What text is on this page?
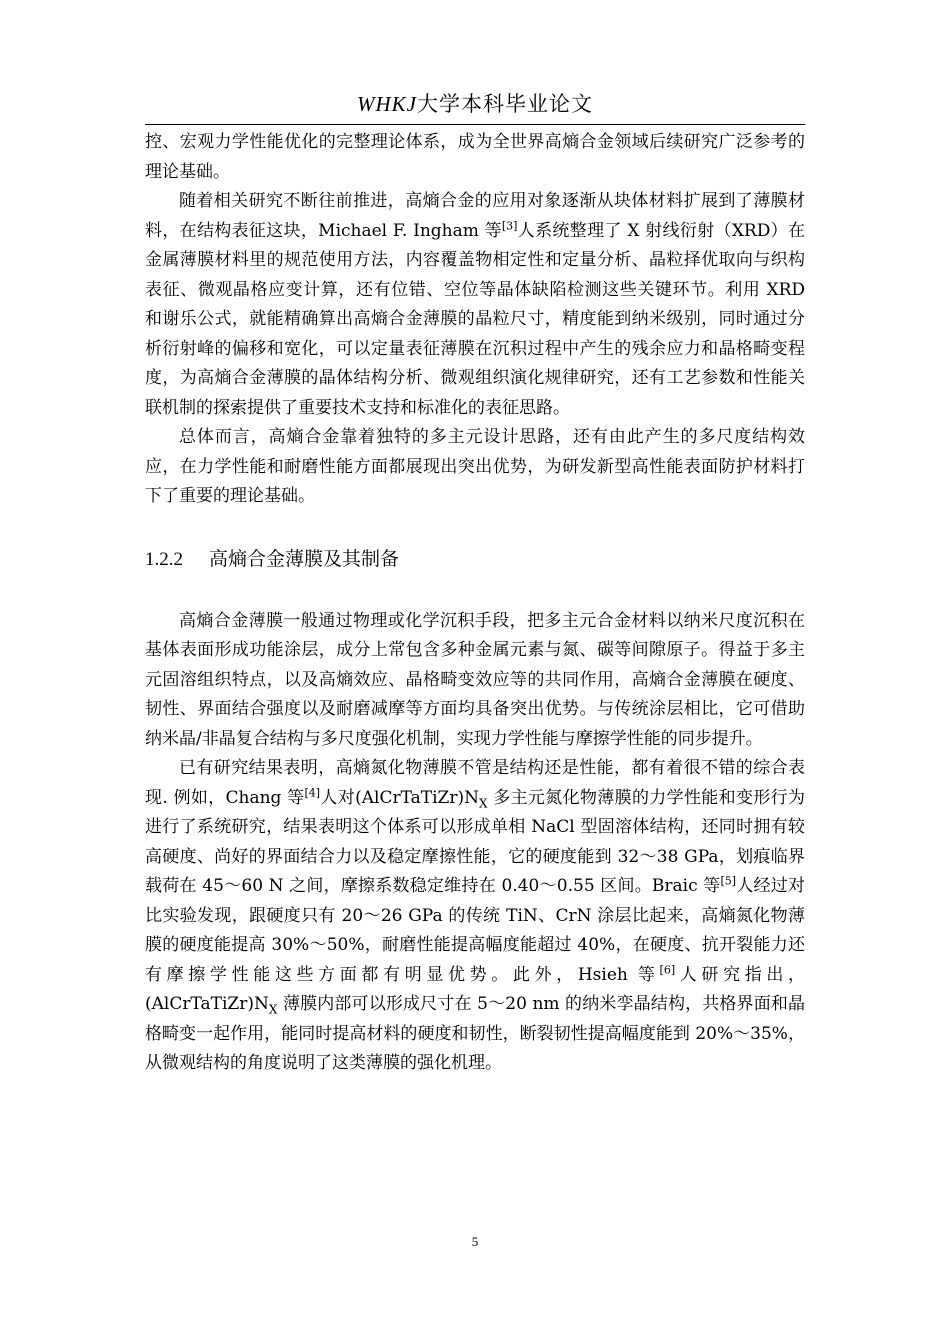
WHKJ大学本科毕业论文

控、宏观力学性能优化的完整理论体系，成为全世界高熵合金领域后续研究广泛参考的理论基础。

随着相关研究不断往前推进，高熵合金的应用对象逐渐从块体材料扩展到了薄膜材料，在结构表征这块，Michael F. Ingham 等[3]人系统整理了 X 射线衍射（XRD）在金属薄膜材料里的规范使用方法，内容覆盖物相定性和定量分析、晶粒择优取向与织构表征、微观晶格应变计算，还有位错、空位等晶体缺陷检测这些关键环节。利用 XRD 和谢乐公式，就能精确算出高熵合金薄膜的晶粒尺寸，精度能到纳米级别，同时通过分析衍射峰的偏移和宽化，可以定量表征薄膜在沉积过程中产生的残余应力和晶格畸变程度，为高熵合金薄膜的晶体结构分析、微观组织演化规律研究，还有工艺参数和性能关联机制的探索提供了重要技术支持和标准化的表征思路。

总体而言，高熵合金靠着独特的多主元设计思路，还有由此产生的多尺度结构效应，在力学性能和耐磨性能方面都展现出突出优势，为研发新型高性能表面防护材料打下了重要的理论基础。

1.2.2 高熵合金薄膜及其制备

高熵合金薄膜一般通过物理或化学沉积手段，把多主元合金材料以纳米尺度沉积在基体表面形成功能涂层，成分上常包含多种金属元素与氮、碳等间隙原子。得益于多主元固溶组织特点，以及高熵效应、晶格畸变效应等的共同作用，高熵合金薄膜在硬度、韧性、界面结合强度以及耐磨减摩等方面均具备突出优势。与传统涂层相比，它可借助纳米晶/非晶复合结构与多尺度强化机制，实现力学性能与摩擦学性能的同步提升。

已有研究结果表明，高熵氮化物薄膜不管是结构还是性能，都有着很不错的综合表现. 例如，Chang 等[4]人对$(AlCrTaTiZr)N_X$ 多主元氮化物薄膜的力学性能和变形行为进行了系统研究，结果表明这个体系可以形成单相 NaCl 型固溶体结构，还同时拥有较高硬度、尚好的界面结合力以及稳定摩擦性能，它的硬度能到 32～38 GPa，划痕临界载荷在 45～60 N 之间，摩擦系数稳定维持在 0.40～0.55 区间。Braic 等[5]人经过对比实验发现，跟硬度只有 20～26 GPa 的传统 TiN、CrN 涂层比起来，高熵氮化物薄膜的硬度能提高 30%～50%，耐磨性能提高幅度能超过 40%，在硬度、抗开裂能力还有摩擦学性能这些方面都有明显优势。此外，Hsieh 等[6]人研究指出，$(AlCrTaTiZr)N_X$ 薄膜内部可以形成尺寸在 5～20 nm 的纳米孪晶结构，共格界面和晶格畸变一起作用，能同时提高材料的硬度和韧性，断裂韧性提高幅度能到 20%～35%，从微观结构的角度说明了这类薄膜的强化机理。

5
